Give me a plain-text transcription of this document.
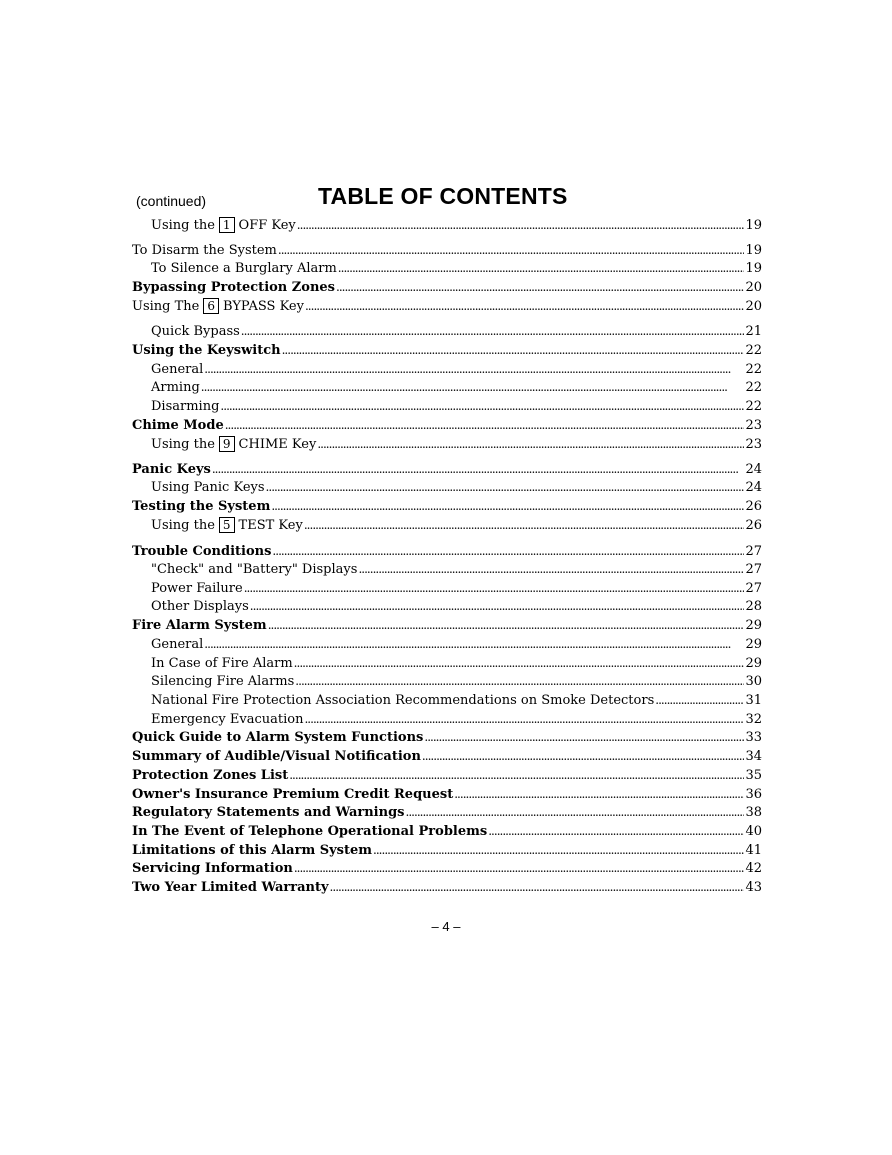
(continued)	TABLE OF CONTENTS
Using the 1 OFF Key . . .	19
To Disarm the System . . .	19
To Silence a Burglary Alarm . . .	19
Bypassing Protection Zones . . .	20
Using The 6 BYPASS Key . . .	20
Quick Bypass . . .	21
Using the Keyswitch . . .	22
General . . .	22
Arming . . .	22
Disarming . . .	22
Chime Mode . . .	23
Using the 9 CHIME Key . . .	23
Panic Keys . . .	24
Using Panic Keys . . .	24
Testing the System . . .	26
Using the 5 TEST Key . . .	26
Trouble Conditions . . .	27
"Check" and "Battery" Displays . . .	27
Power Failure . . .	27
Other Displays . . .	28
Fire Alarm System . . .	29
General . . .	29
In Case of Fire Alarm . . .	29
Silencing Fire Alarms . . .	30
National Fire Protection Association Recommendations on Smoke Detectors . . .	31
Emergency Evacuation . . .	32
Quick Guide to Alarm System Functions . . .	33
Summary of Audible/Visual Notification . . .	34
Protection Zones List . . .	35
Owner's Insurance Premium Credit Request . . .	36
Regulatory Statements and Warnings . . .	38
In The Event of Telephone Operational Problems . . .	40
Limitations of this Alarm System . . .	41
Servicing Information . . .	42
Two Year Limited Warranty . . .	43
– 4 –
